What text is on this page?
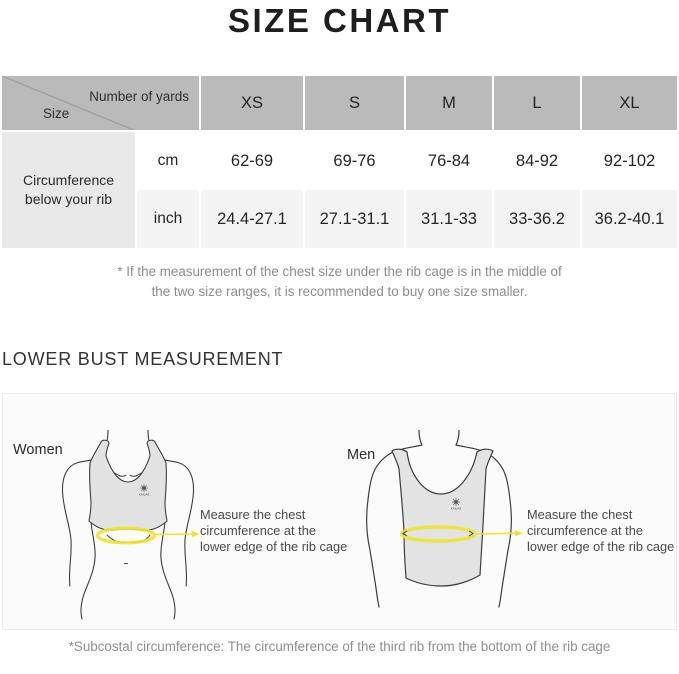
SIZE CHART
Number of yards
Size
XS	S	M	L	XL
Circumference
below your rib
cm	62-69	69-76	76-84	84-92	92-102
inch	24.4-27.1	27.1-31.1	31.1-33	33-36.2	36.2-40.1
* If the measurement of the chest size under the rib cage is in the middle of
the two size ranges, it is recommended to buy one size smaller.
LOWER BUST MEASUREMENT
Women	Men
KAILAS
KAILAS
Measure the chest
circumference at the
lower edge of the rib cage
Measure the chest
circumference at the
lower edge of the rib cage
*Subcostal circumference: The circumference of the third rib from the bottom of the rib cage
